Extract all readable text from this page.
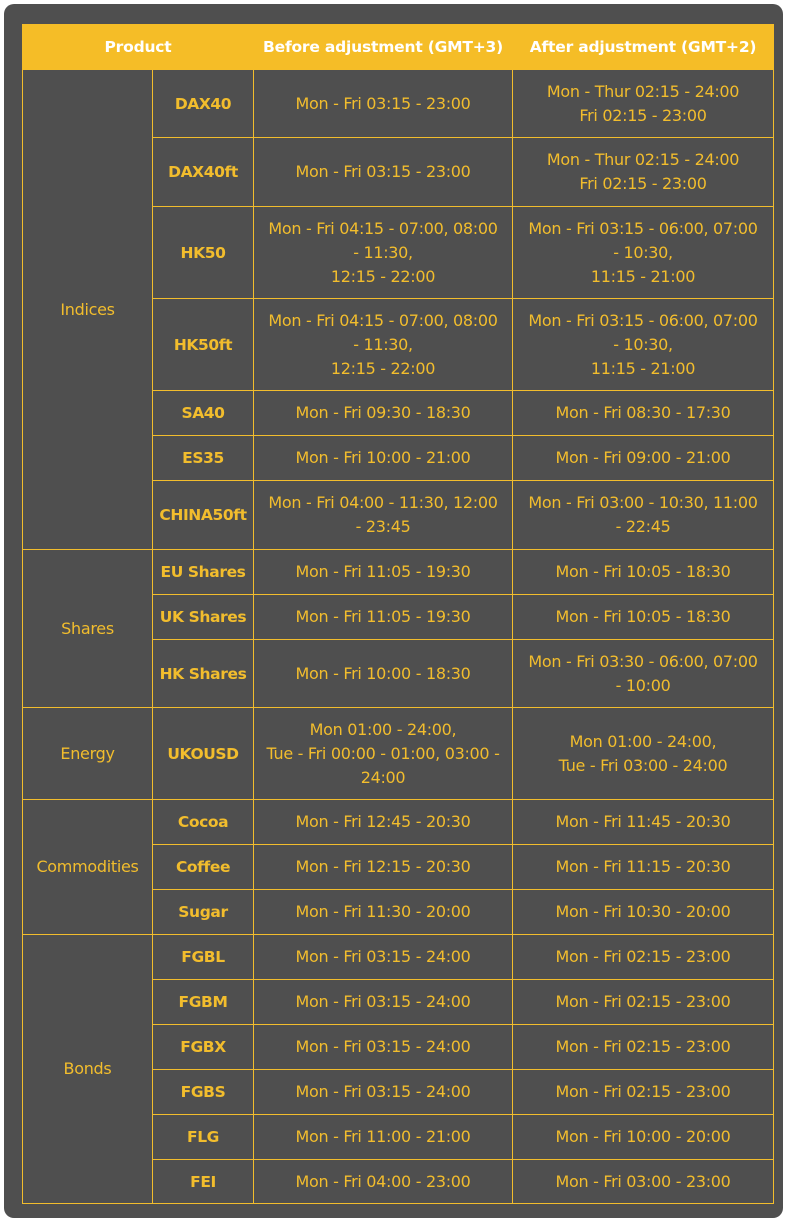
Product		Before adjustment (GMT+3)	After adjustment (GMT+2)
Indices	DAX40	Mon - Fri 03:15 - 23:00	Mon - Thur 02:15 - 24:00
Fri 02:15 - 23:00

	DAX40ft	Mon - Fri 03:15 - 23:00	Mon - Thur 02:15 - 24:00
Fri 02:15 - 23:00

	HK50	Mon - Fri 04:15 - 07:00, 08:00
- 11:30,
12:15 - 22:00	Mon - Fri 03:15 - 06:00, 07:00
- 10:30,
11:15 - 21:00

	HK50ft	Mon - Fri 04:15 - 07:00, 08:00
- 11:30,
12:15 - 22:00	Mon - Fri 03:15 - 06:00, 07:00
- 10:30,
11:15 - 21:00

	SA40	Mon - Fri 09:30 - 18:30	Mon - Fri 08:30 - 17:30

	ES35	Mon - Fri 10:00 - 21:00	Mon - Fri 09:00 - 21:00

	CHINA50ft	Mon - Fri 04:00 - 11:30, 12:00
- 23:45	Mon - Fri 03:00 - 10:30, 11:00
- 22:45

Shares	EU Shares	Mon - Fri 11:05 - 19:30	Mon - Fri 10:05 - 18:30

	UK Shares	Mon - Fri 11:05 - 19:30	Mon - Fri 10:05 - 18:30

	HK Shares	Mon - Fri 10:00 - 18:30	Mon - Fri 03:30 - 06:00, 07:00
- 10:00

Energy	UKOUSD	Mon 01:00 - 24:00,
Tue - Fri 00:00 - 01:00, 03:00 -
24:00	Mon 01:00 - 24:00,
Tue - Fri 03:00 - 24:00

Commodities	Cocoa	Mon - Fri 12:45 - 20:30	Mon - Fri 11:45 - 20:30

	Coffee	Mon - Fri 12:15 - 20:30	Mon - Fri 11:15 - 20:30

	Sugar	Mon - Fri 11:30 - 20:00	Mon - Fri 10:30 - 20:00

Bonds	FGBL	Mon - Fri 03:15 - 24:00	Mon - Fri 02:15 - 23:00

	FGBM	Mon - Fri 03:15 - 24:00	Mon - Fri 02:15 - 23:00

	FGBX	Mon - Fri 03:15 - 24:00	Mon - Fri 02:15 - 23:00

	FGBS	Mon - Fri 03:15 - 24:00	Mon - Fri 02:15 - 23:00

	FLG	Mon - Fri 11:00 - 21:00	Mon - Fri 10:00 - 20:00

	FEI	Mon - Fri 04:00 - 23:00	Mon - Fri 03:00 - 23:00
